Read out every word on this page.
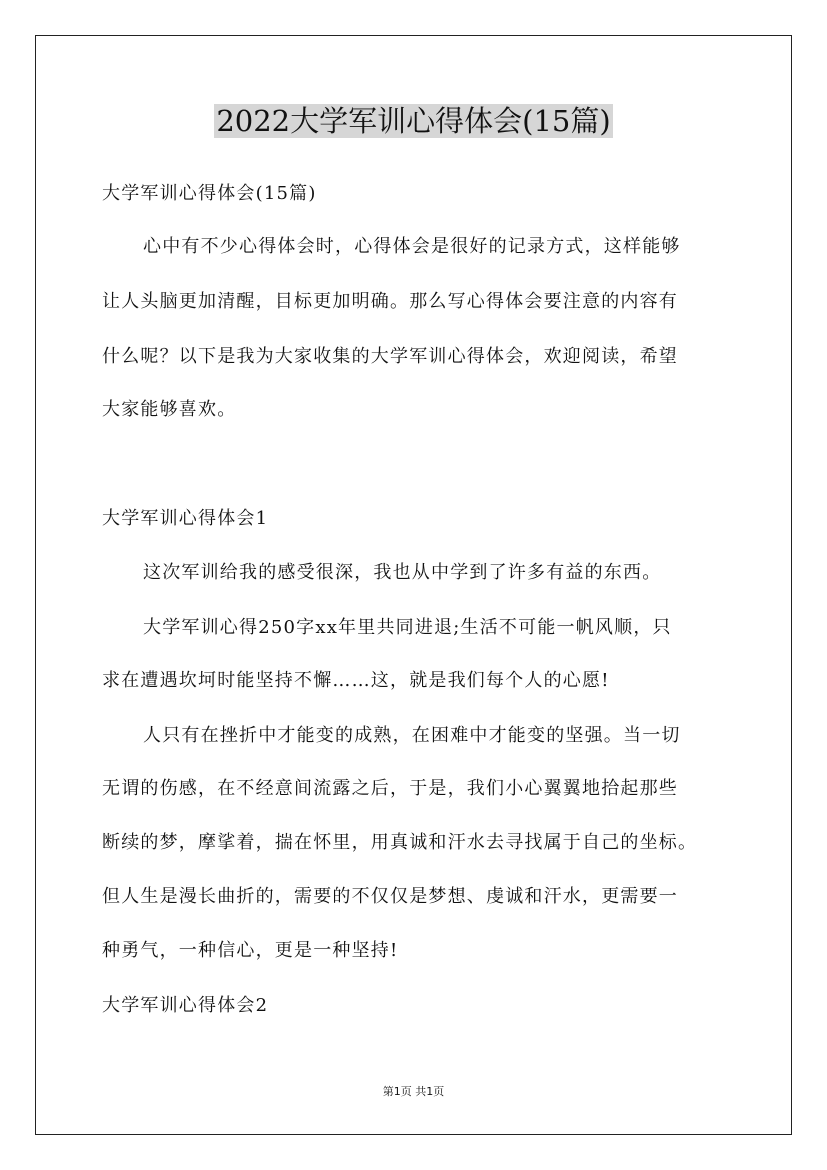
2022大学军训心得体会(15篇)
大学军训心得体会(15篇)
心中有不少心得体会时，心得体会是很好的记录方式，这样能够
让人头脑更加清醒，目标更加明确。那么写心得体会要注意的内容有
什么呢？以下是我为大家收集的大学军训心得体会，欢迎阅读，希望
大家能够喜欢。
大学军训心得体会1
这次军训给我的感受很深，我也从中学到了许多有益的东西。
大学军训心得250字xx年里共同进退;生活不可能一帆风顺，只
求在遭遇坎坷时能坚持不懈……这，就是我们每个人的心愿!
人只有在挫折中才能变的成熟，在困难中才能变的坚强。当一切
无谓的伤感，在不经意间流露之后，于是，我们小心翼翼地拾起那些
断续的梦，摩挲着，揣在怀里，用真诚和汗水去寻找属于自己的坐标。
但人生是漫长曲折的，需要的不仅仅是梦想、虔诚和汗水，更需要一
种勇气，一种信心，更是一种坚持!
大学军训心得体会2
第1页 共1页
